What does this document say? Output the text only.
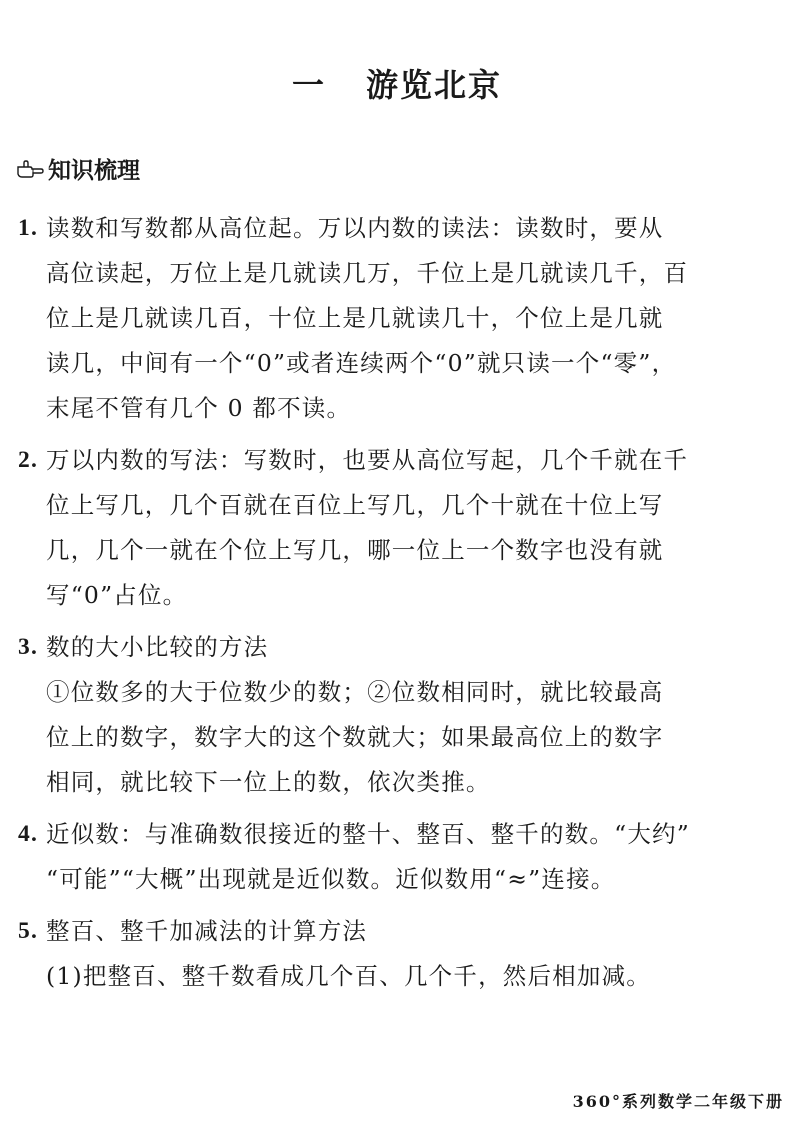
一 游览北京
知识梳理
1. 读数和写数都从高位起。万以内数的读法：读数时，要从
高位读起，万位上是几就读几万，千位上是几就读几千，百
位上是几就读几百，十位上是几就读几十，个位上是几就
读几，中间有一个“0”或者连续两个“0”就只读一个“零”，
末尾不管有几个 0 都不读。
2. 万以内数的写法：写数时，也要从高位写起，几个千就在千
位上写几，几个百就在百位上写几，几个十就在十位上写
几，几个一就在个位上写几，哪一位上一个数字也没有就
写“0”占位。
3. 数的大小比较的方法
①位数多的大于位数少的数；②位数相同时，就比较最高
位上的数字，数字大的这个数就大；如果最高位上的数字
相同，就比较下一位上的数，依次类推。
4. 近似数：与准确数很接近的整十、整百、整千的数。“大约”
“可能”“大概”出现就是近似数。近似数用“≈”连接。
5. 整百、整千加减法的计算方法
(1)把整百、整千数看成几个百、几个千，然后相加减。
360°系列数学二年级下册
